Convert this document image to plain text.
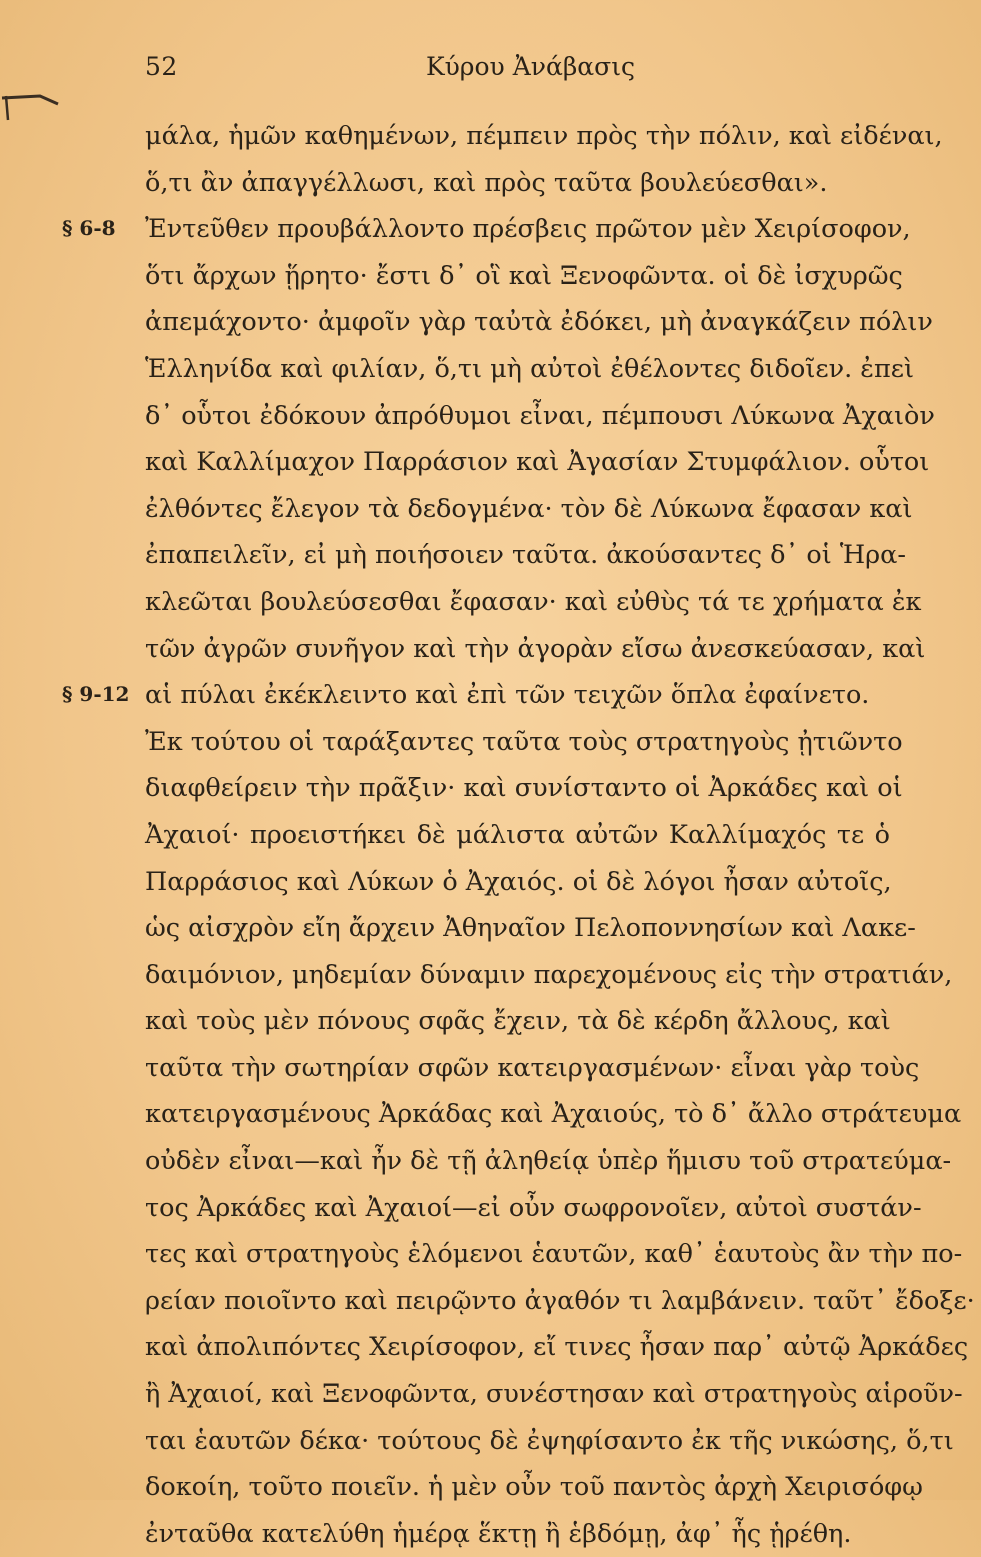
52	Κύρου Ἀνάβασις
§ 6-8
§ 9-12
μάλα, ἡμῶν καθημένων, πέμπειν πρὸς τὴν πόλιν, καὶ εἰδέναι,
ὅ,τι ἂν ἀπαγγέλλωσι, καὶ πρὸς ταῦτα βουλεύεσθαι».
Ἐντεῦθεν προυβάλλοντο πρέσβεις πρῶτον μὲν Χειρίσοφον,
ὅτι ἄρχων ᾕρητο· ἔστι δ᾽ οἳ καὶ Ξενοφῶντα. οἱ δὲ ἰσχυρῶς
ἀπεμάχοντο· ἀμφοῖν γὰρ ταὐτὰ ἐδόκει, μὴ ἀναγκάζειν πόλιν
Ἑλληνίδα καὶ φιλίαν, ὅ,τι μὴ αὐτοὶ ἐθέλοντες διδοῖεν. ἐπεὶ
δ᾽ οὗτοι ἐδόκουν ἀπρόθυμοι εἶναι, πέμπουσι Λύκωνα Ἀχαιὸν
καὶ Καλλίμαχον Παρράσιον καὶ Ἀγασίαν Στυμφάλιον. οὗτοι
ἐλθόντες ἔλεγον τὰ δεδογμένα· τὸν δὲ Λύκωνα ἔφασαν καὶ
ἐπαπειλεῖν, εἰ μὴ ποιήσοιεν ταῦτα. ἀκούσαντες δ᾽ οἱ Ἡρα-
κλεῶται βουλεύσεσθαι ἔφασαν· καὶ εὐθὺς τά τε χρήματα ἐκ
τῶν ἀγρῶν συνῆγον καὶ τὴν ἀγορὰν εἴσω ἀνεσκεύασαν, καὶ
αἱ πύλαι ἐκέκλειντο καὶ ἐπὶ τῶν τειχῶν ὅπλα ἐφαίνετο.
Ἐκ τούτου οἱ ταράξαντες ταῦτα τοὺς στρατηγοὺς ᾐτιῶντο
διαφθείρειν τὴν πρᾶξιν· καὶ συνίσταντο οἱ Ἀρκάδες καὶ οἱ
Ἀχαιοί· προειστήκει δὲ μάλιστα αὐτῶν Καλλίμαχός τε ὁ
Παρράσιος καὶ Λύκων ὁ Ἀχαιός. οἱ δὲ λόγοι ἦσαν αὐτοῖς,
ὡς αἰσχρὸν εἴη ἄρχειν Ἀθηναῖον Πελοποννησίων καὶ Λακε-
δαιμόνιον, μηδεμίαν δύναμιν παρεχομένους εἰς τὴν στρατιάν,
καὶ τοὺς μὲν πόνους σφᾶς ἔχειν, τὰ δὲ κέρδη ἄλλους, καὶ
ταῦτα τὴν σωτηρίαν σφῶν κατειργασμένων· εἶναι γὰρ τοὺς
κατειργασμένους Ἀρκάδας καὶ Ἀχαιούς, τὸ δ᾽ ἄλλο στράτευμα
οὐδὲν εἶναι—καὶ ἦν δὲ τῇ ἀληθείᾳ ὑπὲρ ἥμισυ τοῦ στρατεύμα-
τος Ἀρκάδες καὶ Ἀχαιοί—εἰ οὖν σωφρονοῖεν, αὐτοὶ συστάν-
τες καὶ στρατηγοὺς ἑλόμενοι ἑαυτῶν, καθ᾽ ἑαυτοὺς ἂν τὴν πο-
ρείαν ποιοῖντο καὶ πειρῷντο ἀγαθόν τι λαμβάνειν. ταῦτ᾽ ἔδοξε·
καὶ ἀπολιπόντες Χειρίσοφον, εἴ τινες ἦσαν παρ᾽ αὐτῷ Ἀρκάδες
ἢ Ἀχαιοί, καὶ Ξενοφῶντα, συνέστησαν καὶ στρατηγοὺς αἱροῦν-
ται ἑαυτῶν δέκα· τούτους δὲ ἐψηφίσαντο ἐκ τῆς νικώσης, ὅ,τι
δοκοίη, τοῦτο ποιεῖν. ἡ μὲν οὖν τοῦ παντὸς ἀρχὴ Χειρισόφῳ
ἐνταῦθα κατελύθη ἡμέρᾳ ἕκτῃ ἢ ἑβδόμῃ, ἀφ᾽ ἧς ᾑρέθη.
